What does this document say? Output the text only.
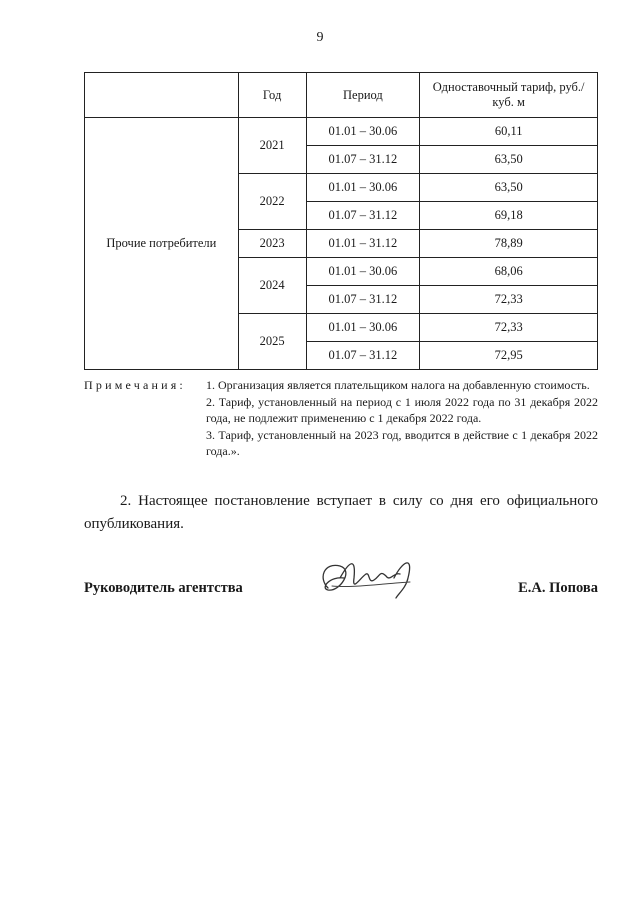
9
	Год	Период	Одноставочный тариф, руб./куб. м
Прочие потребители	2021	01.01 – 30.06	60,11
		01.07 – 31.12	63,50
	2022	01.01 – 30.06	63,50
		01.07 – 31.12	69,18
	2023	01.01 – 31.12	78,89
	2024	01.01 – 30.06	68,06
		01.07 – 31.12	72,33
	2025	01.01 – 30.06	72,33
		01.07 – 31.12	72,95
Примечания: 1. Организация является плательщиком налога на добавленную стоимость.

2. Тариф, установленный на период с 1 июля 2022 года по 31 декабря 2022 года, не подлежит применению с 1 декабря 2022 года.

3. Тариф, установленный на 2023 год, вводится в действие с 1 декабря 2022 года.».

2. Настоящее постановление вступает в силу со дня его официального опубликования.
Руководитель агентства	Е.А. Попова
